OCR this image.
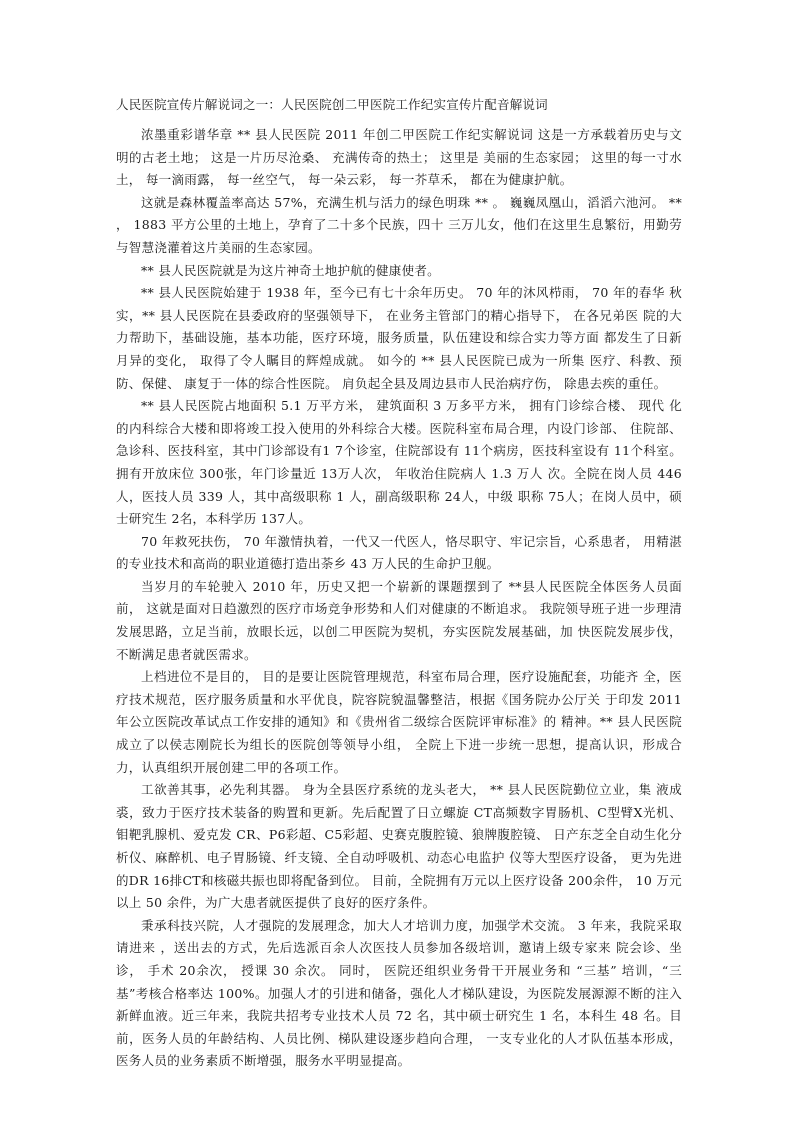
人民医院宣传片解说词之一：人民医院创二甲医院工作纪实宣传片配音解说词

浓墨重彩谱华章 ** 县人民医院 2011 年创二甲医院工作纪实解说词 这是一方承载着历史与文明的古老土地； 这是一片历尽沧桑、 充满传奇的热土； 这里是 美丽的生态家园； 这里的每一寸水土， 每一滴雨露， 每一丝空气， 每一朵云彩， 每一芥草禾， 都在为健康护航。

这就是森林覆盖率高达 57%，充满生机与活力的绿色明珠 ** 。 巍巍凤凰山，滔滔六池河。 ** ， 1883 平方公里的土地上，孕育了二十多个民族，四十 三万儿女，他们在这里生息繁衍，用勤劳与智慧浇灌着这片美丽的生态家园。

** 县人民医院就是为这片神奇土地护航的健康使者。

** 县人民医院始建于 1938 年，至今已有七十余年历史。 70 年的沐风栉雨， 70 年的春华 秋实，** 县人民医院在县委政府的坚强领导下， 在业务主管部门的精心指导下， 在各兄弟医 院的大力帮助下，基础设施，基本功能，医疗环境，服务质量，队伍建设和综合实力等方面 都发生了日新月异的变化， 取得了令人瞩目的辉煌成就。 如今的 ** 县人民医院已成为一所集 医疗、科教、预防、保健、 康复于一体的综合性医院。 肩负起全县及周边县市人民治病疗伤， 除患去疾的重任。

** 县人民医院占地面积 5.1 万平方米， 建筑面积 3 万多平方米， 拥有门诊综合楼、 现代 化的内科综合大楼和即将竣工投入使用的外科综合大楼。医院科室布局合理，内设门诊部、 住院部、急诊科、医技科室，其中门诊部设有1 7个诊室，住院部设有 11个病房，医技科室设有 11个科室。拥有开放床位 300张，年门诊量近 13万人次， 年收治住院病人 1.3 万人 次。全院在岗人员 446人，医技人员 339 人，其中高级职称 1 人，副高级职称 24人，中级 职称 75人；在岗人员中，硕士研究生 2名，本科学历 137人。

70 年救死扶伤， 70 年激情执着，一代又一代医人，恪尽职守、牢记宗旨，心系患者， 用精湛的专业技术和高尚的职业道德打造出荼乡 43 万人民的生命护卫舰。

当岁月的车轮驶入 2010 年，历史又把一个崭新的课题摆到了 **县人民医院全体医务人员面前， 这就是面对日趋激烈的医疗市场竞争形势和人们对健康的不断追求。 我院领导班子进一步理清发展思路，立足当前，放眼长远，以创二甲医院为契机，夯实医院发展基础，加 快医院发展步伐，不断满足患者就医需求。

上档进位不是目的， 目的是要让医院管理规范，科室布局合理，医疗设施配套，功能齐 全，医疗技术规范，医疗服务质量和水平优良，院容院貌温馨整洁，根据《国务院办公厅关 于印发 2011 年公立医院改革试点工作安排的通知》和《贵州省二级综合医院评审标准》的 精神。** 县人民医院成立了以侯志刚院长为组长的医院创等领导小组， 全院上下进一步统一思想，提高认识，形成合力，认真组织开展创建二甲的各项工作。

工欲善其事，必先利其器。 身为全县医疗系统的龙头老大， ** 县人民医院勤位立业，集 液成裘，致力于医疗技术装备的购置和更新。先后配置了日立螺旋 CT高频数字胃肠机、C型臂X光机、钼靶乳腺机、爱克发 CR、P6彩超、C5彩超、史赛克腹腔镜、狼牌腹腔镜、 日产东芝全自动生化分析仪、麻醉机、电子胃肠镜、纤支镜、全自动呼吸机、动态心电监护 仪等大型医疗设备， 更为先进的DR 16排CT和核磁共振也即将配备到位。 目前，全院拥有万元以上医疗设备 200余件， 10 万元以上 50 余件，为广大患者就医提供了良好的医疗条件。

秉承科技兴院，人才强院的发展理念，加大人才培训力度，加强学术交流。 3 年来，我院采取请进来 ，送出去的方式，先后选派百余人次医技人员参加各级培训，邀请上级专家来 院会诊、坐诊， 手术 20余次， 授课 30 余次。 同时， 医院还组织业务骨干开展业务和 “三基” 培训，“三基”考核合格率达 100%。加强人才的引进和储备，强化人才梯队建设，为医院发展源源不断的注入新鲜血液。近三年来，我院共招考专业技术人员 72 名，其中硕士研究生 1 名，本科生 48 名。目前，医务人员的年龄结构、人员比例、梯队建设逐步趋向合理， 一支专业化的人才队伍基本形成，医务人员的业务素质不断增强，服务水平明显提高。
